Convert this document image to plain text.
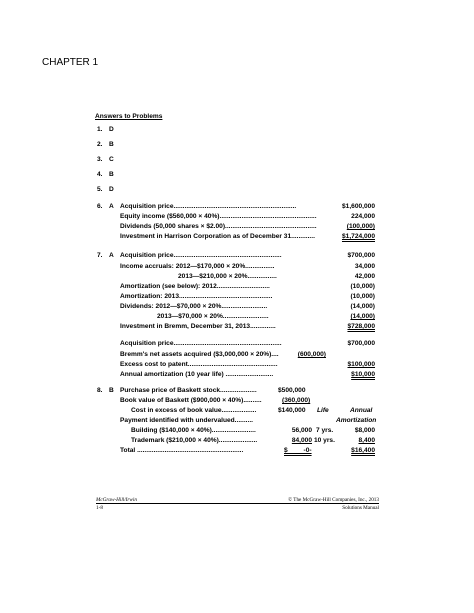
CHAPTER 1
Answers to Problems
1. D
2. B
3. C
4. B
5. D
6. A Acquisition price...................................................................	$1,600,000
Equity income ($560,000 × 40%).....................................................	224,000
Dividends (50,000 shares × $2.00)..................................................	(100,000)
Investment in Harrison Corporation as of December 31.............	$1,724,000
7. A Acquisition price...........................................................	$700,000
Income accruals: 2012—$170,000 × 20%................	34,000
2013—$210,000 × 20%................	42,000
Amortization (see below): 2012.............................	(10,000)
Amortization: 2013...................................................	(10,000)
Dividends: 2012—$70,000 × 20%.........................	(14,000)
2013—$70,000 × 20%.........................	(14,000)
Investment in Bremm, December 31, 2013..............	$728,000
Acquisition price...........................................................	$700,000
Bremm's net assets acquired ($3,000,000 × 20%)....	(600,000)
Excess cost to patent.................................................	$100,000
Annual amortization (10 year life) ..........................	$10,000
8. B Purchase price of Baskett stock....................	$500,000
Book value of Baskett ($900,000 × 40%)..........	(360,000)
Cost in excess of book value...................	$140,000 Life	Annual
Payment identified with undervalued..........	Amortization
Building ($140,000 × 40%)........................	56,000 7 yrs.	$8,000
Trademark ($210,000 × 40%).....................	84,000 10 yrs.	8,400
Total ..........................................................	$ -0-	$16,400
McGraw-Hill/Irwin	© The McGraw-Hill Companies, Inc., 2013
1-8	Solutions Manual
